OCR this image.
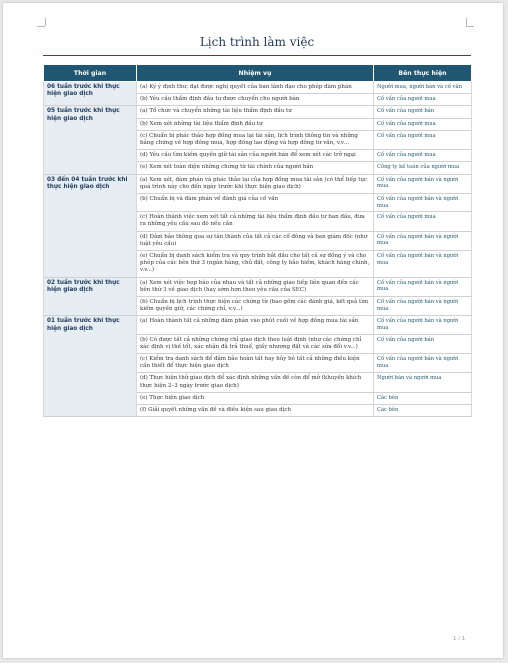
Lịch trình làm việc
Thời gian	Nhiệm vụ	Bên thực hiện
06 tuần trước khi thực hiện giao dịch	(a) Ký ý định thư; đạt được nghị quyết của ban lãnh đạo cho phép đàm phán	Người mua, người bán và cố vấn
	(b) Yêu cầu thẩm định đầu tư được chuyển cho người bán	Cố vấn của người mua
05 tuần trước khi thực hiện giao dịch	(a) Tổ chức và chuyển những tài liệu thẩm định đầu tư	Cố vấn của người bán
	(b) Xem xét những tài liệu thẩm định đầu tư	Cố vấn của người mua
	(c) Chuẩn bị phác thảo hợp đồng mua lại tài sản, lịch trình thông tin và những bảng chứng về hợp đồng mua, hợp đồng lao động và hợp đồng tư vấn, v.v…	Cố vấn của người mua
	(d) Yêu cầu tìm kiếm quyền giữ tài sản của người bán để xem xét các trở ngại	Cố vấn của người mua
	(e) Xem xét toàn diện những chứng từ tài chính của người bán	Công ty kế toán của người mua
03 đến 04 tuần trước khi thực hiện giao dịch	(a) Xem xét, đàm phán và phác thảo lại của hợp đồng mua tài sản (có thể tiếp tục quá trình này cho đến ngày trước khi thực hiện giao dịch)	Cố vấn của người bán và người mua
	(b) Chuẩn bị và đàm phán về đánh giá của cố vấn	Cố vấn của người bán và người mua
	(c) Hoàn thành việc xem xét tất cả những tài liệu thẩm định đầu tư ban đầu, đưa ra những yêu cầu sau đó nếu cần	Cố vấn của người mua
	(d) Đảm bảo thông qua sự tán thành của tất cả các cổ đông và ban giám đốc (như luật yêu cầu)	Cố vấn của người bán và người mua
	(e) Chuẩn bị danh sách kiểm tra và quy trình bắt đầu cho tất cả sự đồng ý và cho phép của các bên thứ 3 (ngân hàng, chủ đất, công ty bảo hiểm, khách hàng chính, v.v...)	Cố vấn của người bán và người mua
02 tuần trước khi thực hiện giao dịch	(a) Xem xét việc họp báo của nhau và tất cả những giao tiếp liên quan đến các bên thứ 3 về giao dịch (hay sớm hơn theo yêu cầu của SEC)	Cố vấn của người bán và người mua
	(b) Chuẩn bị lịch trình thực hiện các chứng từ (bao gồm các đánh giá, kết quả tìm kiếm quyền giữ, các chứng chỉ, v.v...)	Cố vấn của người bán và người mua
01 tuần trước khi thực hiện giao dịch	(a) Hoàn thành tất cả những đàm phán vào phút cuối về hợp đồng mua tài sản	Cố vấn của người bán và người mua
	(b) Có được tất cả những chứng chỉ giao dịch theo luật định (như các chứng chỉ xác định vị thế tốt, xác nhận đã trả thuế, giấy nhượng đất và các sửa đổi v.v...)	Cố vấn của người bán
	(c) Kiểm tra danh sách để đảm bảo hoàn tất hay hủy bỏ tất cả những điều kiện cần thiết để thực hiện giao dịch	Cố vấn của người bán và người mua
	(d) Thực hiện thử giao dịch để xác định những vấn đề còn để mở (khuyến khích thực hiện 2–3 ngày trước giao dịch)	Người bán và người mua
	(e) Thực hiện giao dịch	Các bên
	(f) Giải quyết những vấn đề và điều kiện sau giao dịch	Các bên
1 / 1
